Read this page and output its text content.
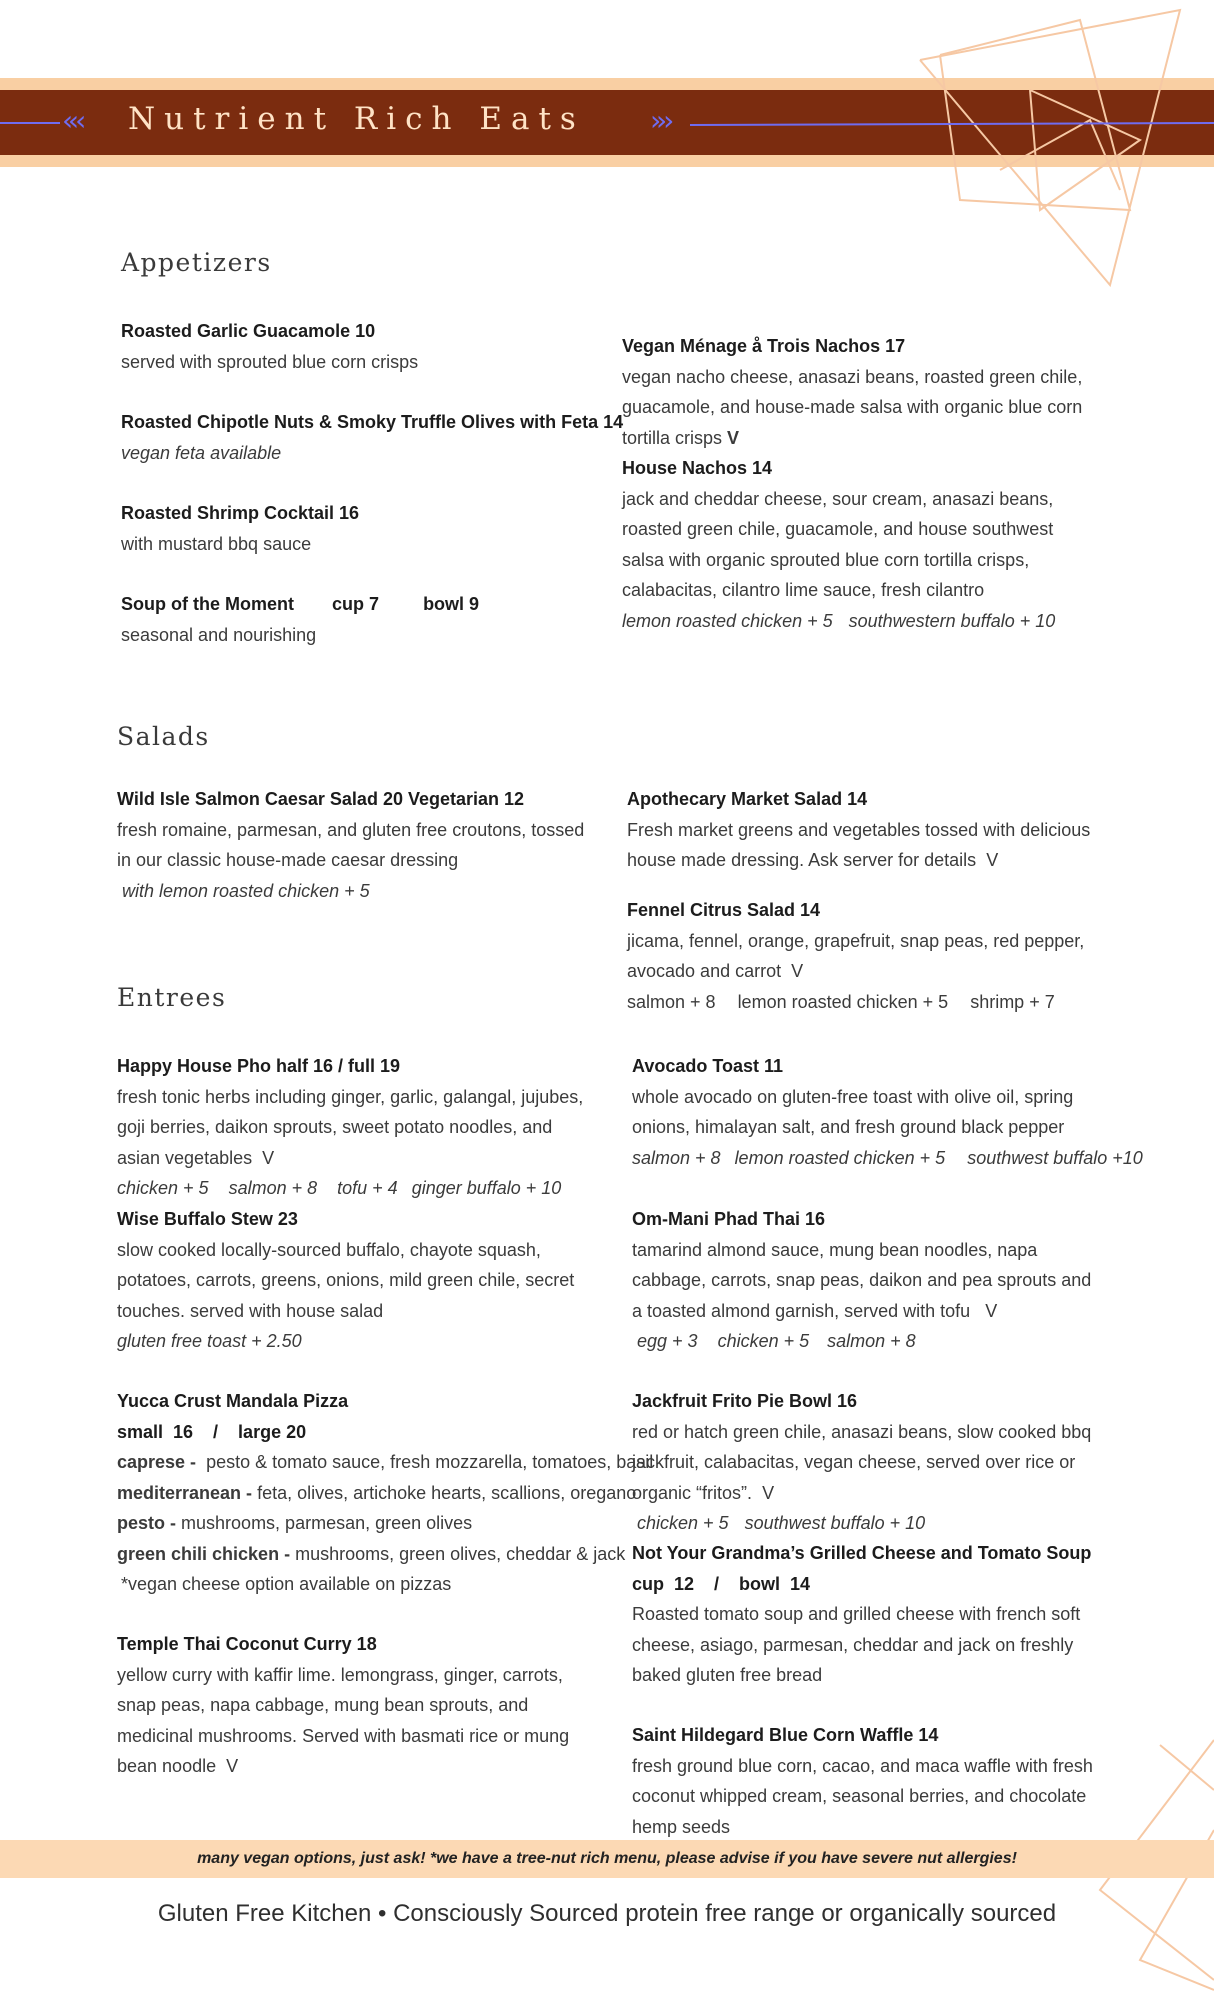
«‹ Nutrient Rich Eats »›
Appetizers
Roasted Garlic Guacamole 10
served with sprouted blue corn crisps
Roasted Chipotle Nuts & Smoky Truffle Olives with Feta 14
vegan feta available
Roasted Shrimp Cocktail 16
with mustard bbq sauce
Soup of the Moment cup 7 bowl 9
seasonal and nourishing
Vegan Ménage å Trois Nachos 17
vegan nacho cheese, anasazi beans, roasted green chile, guacamole, and house-made salsa with organic blue corn tortilla crisps V
House Nachos 14
jack and cheddar cheese, sour cream, anasazi beans, roasted green chile, guacamole, and house southwest salsa with organic sprouted blue corn tortilla crisps, calabacitas, cilantro lime sauce, fresh cilantro
lemon roasted chicken + 5 southwestern buffalo + 10
Salads
Wild Isle Salmon Caesar Salad 20 Vegetarian 12
fresh romaine, parmesan, and gluten free croutons, tossed in our classic house-made caesar dressing
with lemon roasted chicken + 5
Apothecary Market Salad 14
Fresh market greens and vegetables tossed with delicious house made dressing. Ask server for details V
Fennel Citrus Salad 14
jicama, fennel, orange, grapefruit, snap peas, red pepper, avocado and carrot V
salmon + 8 lemon roasted chicken + 5 shrimp + 7
Entrees
Happy House Pho half 16 / full 19
fresh tonic herbs including ginger, garlic, galangal, jujubes, goji berries, daikon sprouts, sweet potato noodles, and asian vegetables V
chicken + 5 salmon + 8 tofu + 4 ginger buffalo + 10
Wise Buffalo Stew 23
slow cooked locally-sourced buffalo, chayote squash, potatoes, carrots, greens, onions, mild green chile, secret touches. served with house salad
gluten free toast + 2.50
Yucca Crust Mandala Pizza
small  16    /    large 20
caprese - pesto & tomato sauce, fresh mozzarella, tomatoes, basil
mediterranean - feta, olives, artichoke hearts, scallions, oregano
pesto - mushrooms, parmesan, green olives
green chili chicken - mushrooms, green olives, cheddar & jack
*vegan cheese option available on pizzas
Temple Thai Coconut Curry 18
yellow curry with kaffir lime. lemongrass, ginger, carrots, snap peas, napa cabbage, mung bean sprouts, and medicinal mushrooms. Served with basmati rice or mung bean noodle V
Avocado Toast 11
whole avocado on gluten-free toast with olive oil, spring onions, himalayan salt, and fresh ground black pepper
salmon + 8 lemon roasted chicken + 5 southwest buffalo +10
Om-Mani Phad Thai 16
tamarind almond sauce, mung bean noodles, napa cabbage, carrots, snap peas, daikon and pea sprouts and a toasted almond garnish, served with tofu V
egg + 3 chicken + 5 salmon + 8
Jackfruit Frito Pie Bowl 16
red or hatch green chile, anasazi beans, slow cooked bbq jackfruit, calabacitas, vegan cheese, served over rice or organic “fritos”. V
chicken + 5 southwest buffalo + 10
Not Your Grandma’s Grilled Cheese and Tomato Soup
cup  12    /    bowl  14
Roasted tomato soup and grilled cheese with french soft cheese, asiago, parmesan, cheddar and jack on freshly baked gluten free bread
Saint Hildegard Blue Corn Waffle 14
fresh ground blue corn, cacao, and maca waffle with fresh coconut whipped cream, seasonal berries, and chocolate hemp seeds
many vegan options, just ask! *we have a tree-nut rich menu, please advise if you have severe nut allergies!
Gluten Free Kitchen • Consciously Sourced protein free range or organically sourced
